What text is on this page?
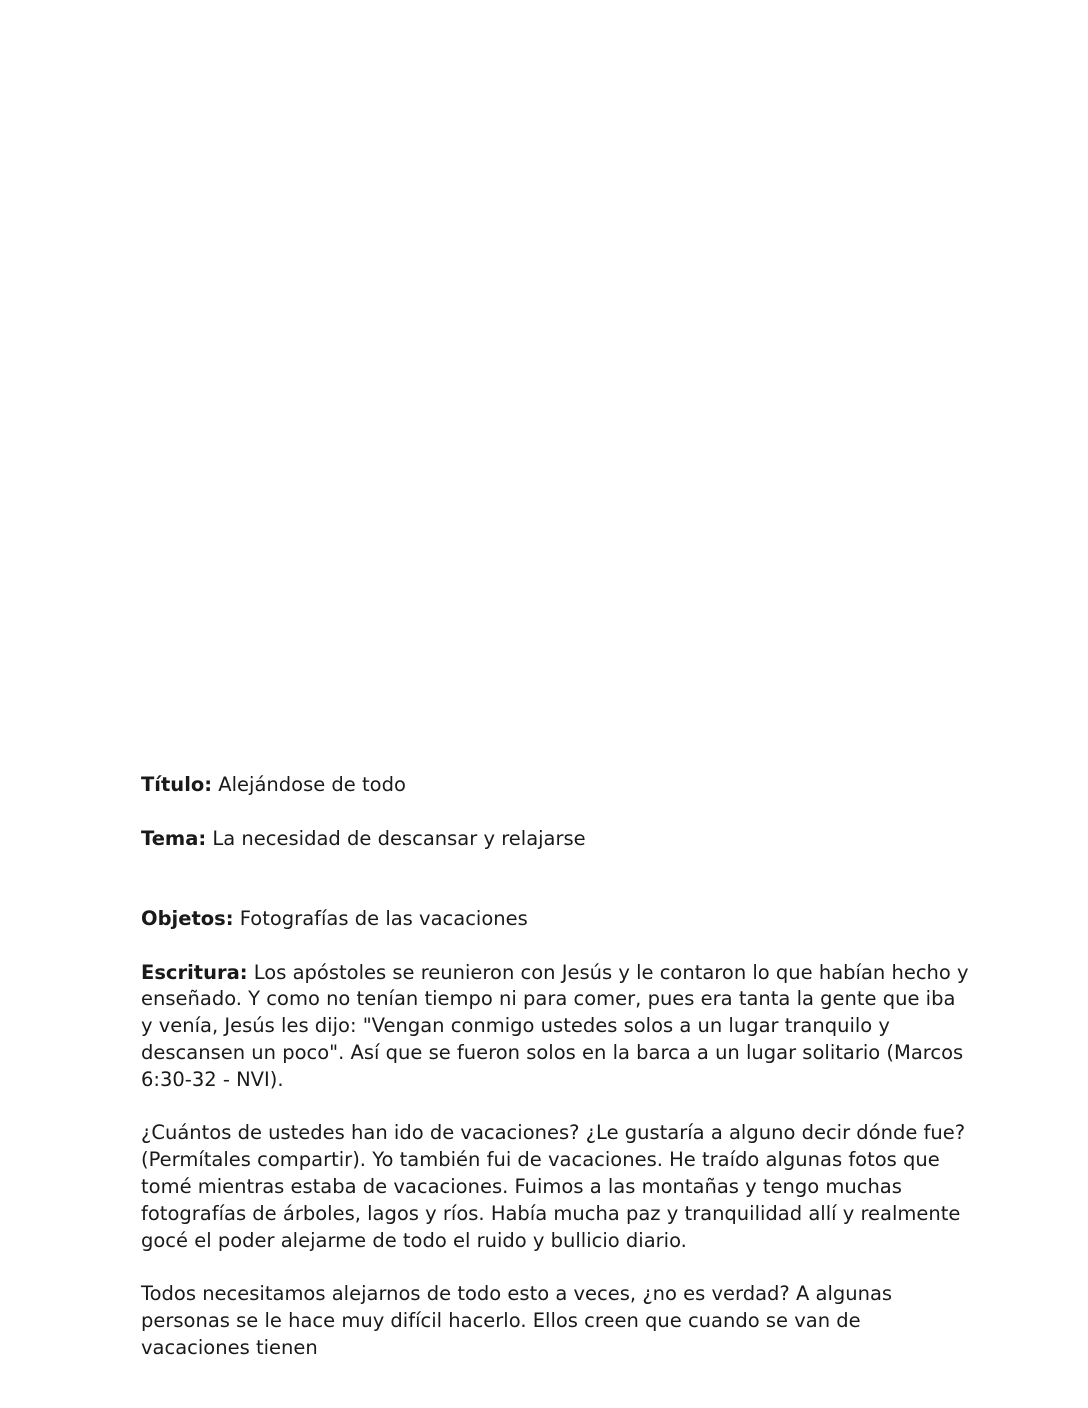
Título: Alejándose de todo

Tema: La necesidad de descansar y relajarse

Objetos: Fotografías de las vacaciones

Escritura: Los apóstoles se reunieron con Jesús y le contaron lo que habían hecho y enseñado. Y como no tenían tiempo ni para comer, pues era tanta la gente que iba y venía, Jesús les dijo: "Vengan conmigo ustedes solos a un lugar tranquilo y descansen un poco". Así que se fueron solos en la barca a un lugar solitario (Marcos 6:30-32 - NVI).

¿Cuántos de ustedes han ido de vacaciones? ¿Le gustaría a alguno decir dónde fue? (Permítales compartir). Yo también fui de vacaciones. He traído algunas fotos que tomé mientras estaba de vacaciones. Fuimos a las montañas y tengo muchas fotografías de árboles, lagos y ríos. Había mucha paz y tranquilidad allí y realmente gocé el poder alejarme de todo el ruido y bullicio diario.

Todos necesitamos alejarnos de todo esto a veces, ¿no es verdad? A algunas personas se le hace muy difícil hacerlo. Ellos creen que cuando se van de vacaciones tienen
